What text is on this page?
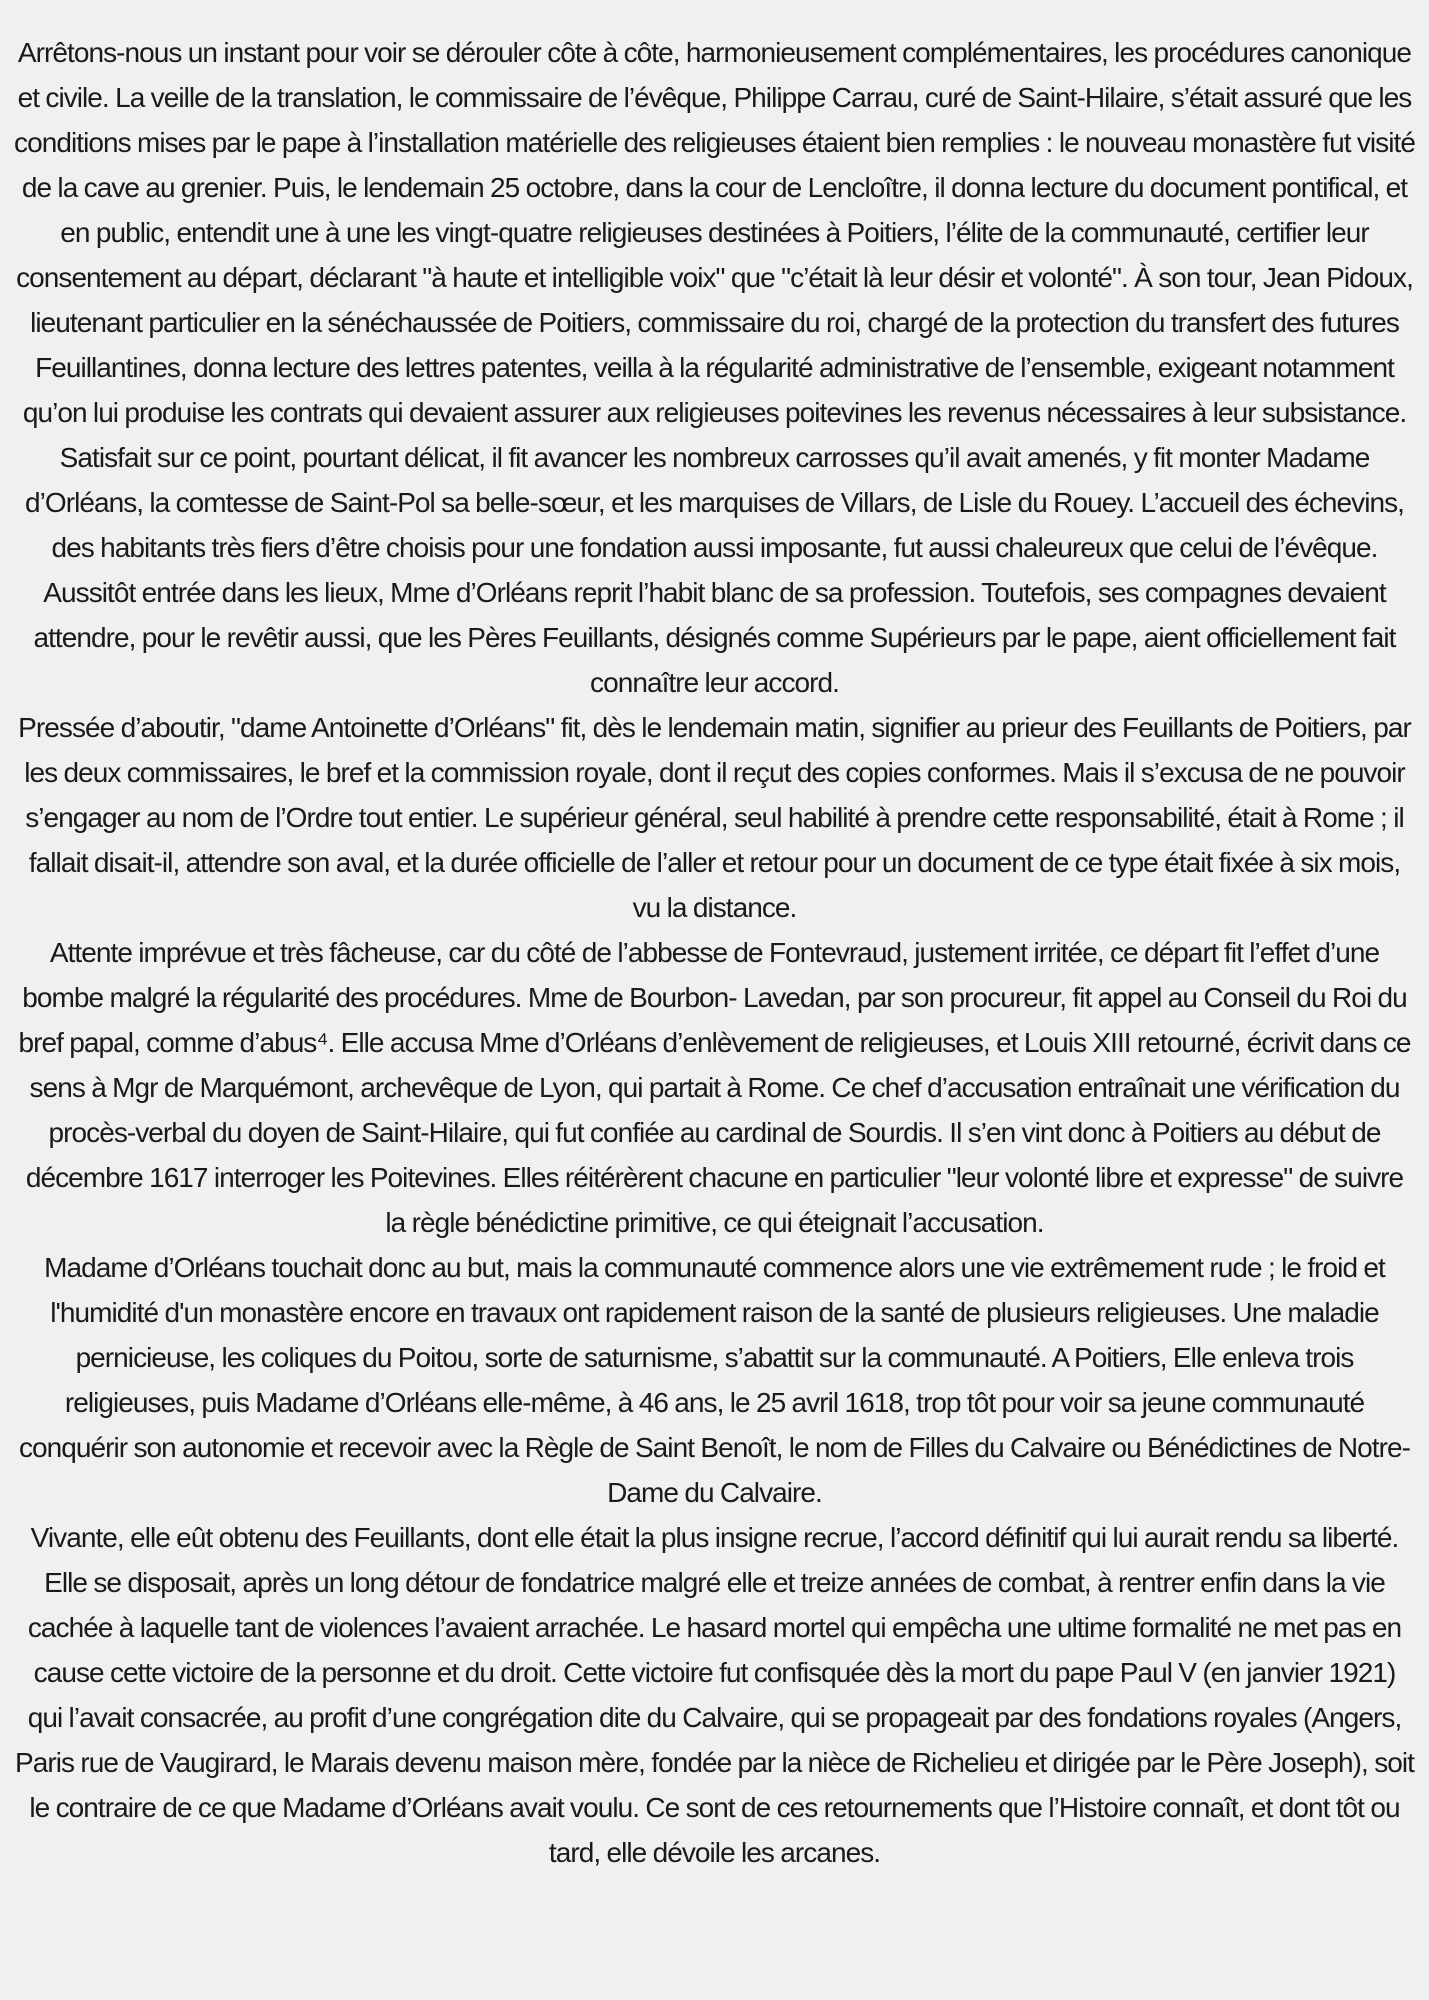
Arrêtons-nous un instant pour voir se dérouler côte à côte, harmonieusement complémentaires, les procédures canonique et civile. La veille de la translation, le commissaire de l’évêque, Philippe Carrau, curé de Saint-Hilaire, s’était assuré que les conditions mises par le pape à l’installation matérielle des religieuses étaient bien remplies : le nouveau monastère fut visité de la cave au grenier. Puis, le lendemain 25 octobre, dans la cour de Lencloître, il donna lecture du document pontifical, et en public, entendit une à une les vingt-quatre religieuses destinées à Poitiers, l’élite de la communauté, certifier leur consentement au départ, déclarant "à haute et intelligible voix" que "c’était là leur désir et volonté". À son tour, Jean Pidoux, lieutenant particulier en la sénéchaussée de Poitiers, commissaire du roi, chargé de la protection du transfert des futures Feuillantines, donna lecture des lettres patentes, veilla à la régularité administrative de l’ensemble, exigeant notamment qu’on lui produise les contrats qui devaient assurer aux religieuses poitevines les revenus nécessaires à leur subsistance. Satisfait sur ce point, pourtant délicat, il fit avancer les nombreux carrosses qu’il avait amenés, y fit monter Madame d’Orléans, la comtesse de Saint-Pol sa belle-sœur, et les marquises de Villars, de Lisle du Rouey. L’accueil des échevins, des habitants très fiers d’être choisis pour une fondation aussi imposante, fut aussi chaleureux que celui de l’évêque. Aussitôt entrée dans les lieux, Mme d’Orléans reprit l’habit blanc de sa profession. Toutefois, ses compagnes devaient attendre, pour le revêtir aussi, que les Pères Feuillants, désignés comme Supérieurs par le pape, aient officiellement fait connaître leur accord.

Pressée d’aboutir, "dame Antoinette d’Orléans" fit, dès le lendemain matin, signifier au prieur des Feuillants de Poitiers, par les deux commissaires, le bref et la commission royale, dont il reçut des copies conformes. Mais il s’excusa de ne pouvoir s’engager au nom de l’Ordre tout entier. Le supérieur général, seul habilité à prendre cette responsabilité, était à Rome ; il fallait disait-il, attendre son aval, et la durée officielle de l’aller et retour pour un document de ce type était fixée à six mois, vu la distance.

Attente imprévue et très fâcheuse, car du côté de l’abbesse de Fontevraud, justement irritée, ce départ fit l’effet d’une bombe malgré la régularité des procédures. Mme de Bourbon- Lavedan, par son procureur, fit appel au Conseil du Roi du bref papal, comme d’abus⁴. Elle accusa Mme d’Orléans d’enlèvement de religieuses, et Louis XIII retourné, écrivit dans ce sens à Mgr de Marquémont, archevêque de Lyon, qui partait à Rome. Ce chef d’accusation entraînait une vérification du procès-verbal du doyen de Saint-Hilaire, qui fut confiée au cardinal de Sourdis. Il s’en vint donc à Poitiers au début de décembre 1617 interroger les Poitevines. Elles réitérèrent chacune en particulier "leur volonté libre et expresse" de suivre la règle bénédictine primitive, ce qui éteignait l’accusation.

Madame d’Orléans touchait donc au but, mais la communauté commence alors une vie extrêmement rude ; le froid et l'humidité d'un monastère encore en travaux ont rapidement raison de la santé de plusieurs religieuses. Une maladie pernicieuse, les coliques du Poitou, sorte de saturnisme, s’abattit sur la communauté. A Poitiers, Elle enleva trois religieuses, puis Madame d’Orléans elle-même, à 46 ans, le 25 avril 1618, trop tôt pour voir sa jeune communauté conquérir son autonomie et recevoir avec la Règle de Saint Benoît, le nom de Filles du Calvaire ou Bénédictines de Notre-Dame du Calvaire.

Vivante, elle eût obtenu des Feuillants, dont elle était la plus insigne recrue, l’accord définitif qui lui aurait rendu sa liberté. Elle se disposait, après un long détour de fondatrice malgré elle et treize années de combat, à rentrer enfin dans la vie cachée à laquelle tant de violences l’avaient arrachée. Le hasard mortel qui empêcha une ultime formalité ne met pas en cause cette victoire de la personne et du droit. Cette victoire fut confisquée dès la mort du pape Paul V (en janvier 1921) qui l’avait consacrée, au profit d’une congrégation dite du Calvaire, qui se propageait par des fondations royales (Angers, Paris rue de Vaugirard, le Marais devenu maison mère, fondée par la nièce de Richelieu et dirigée par le Père Joseph), soit le contraire de ce que Madame d’Orléans avait voulu. Ce sont de ces retournements que l’Histoire connaît, et dont tôt ou tard, elle dévoile les arcanes.
